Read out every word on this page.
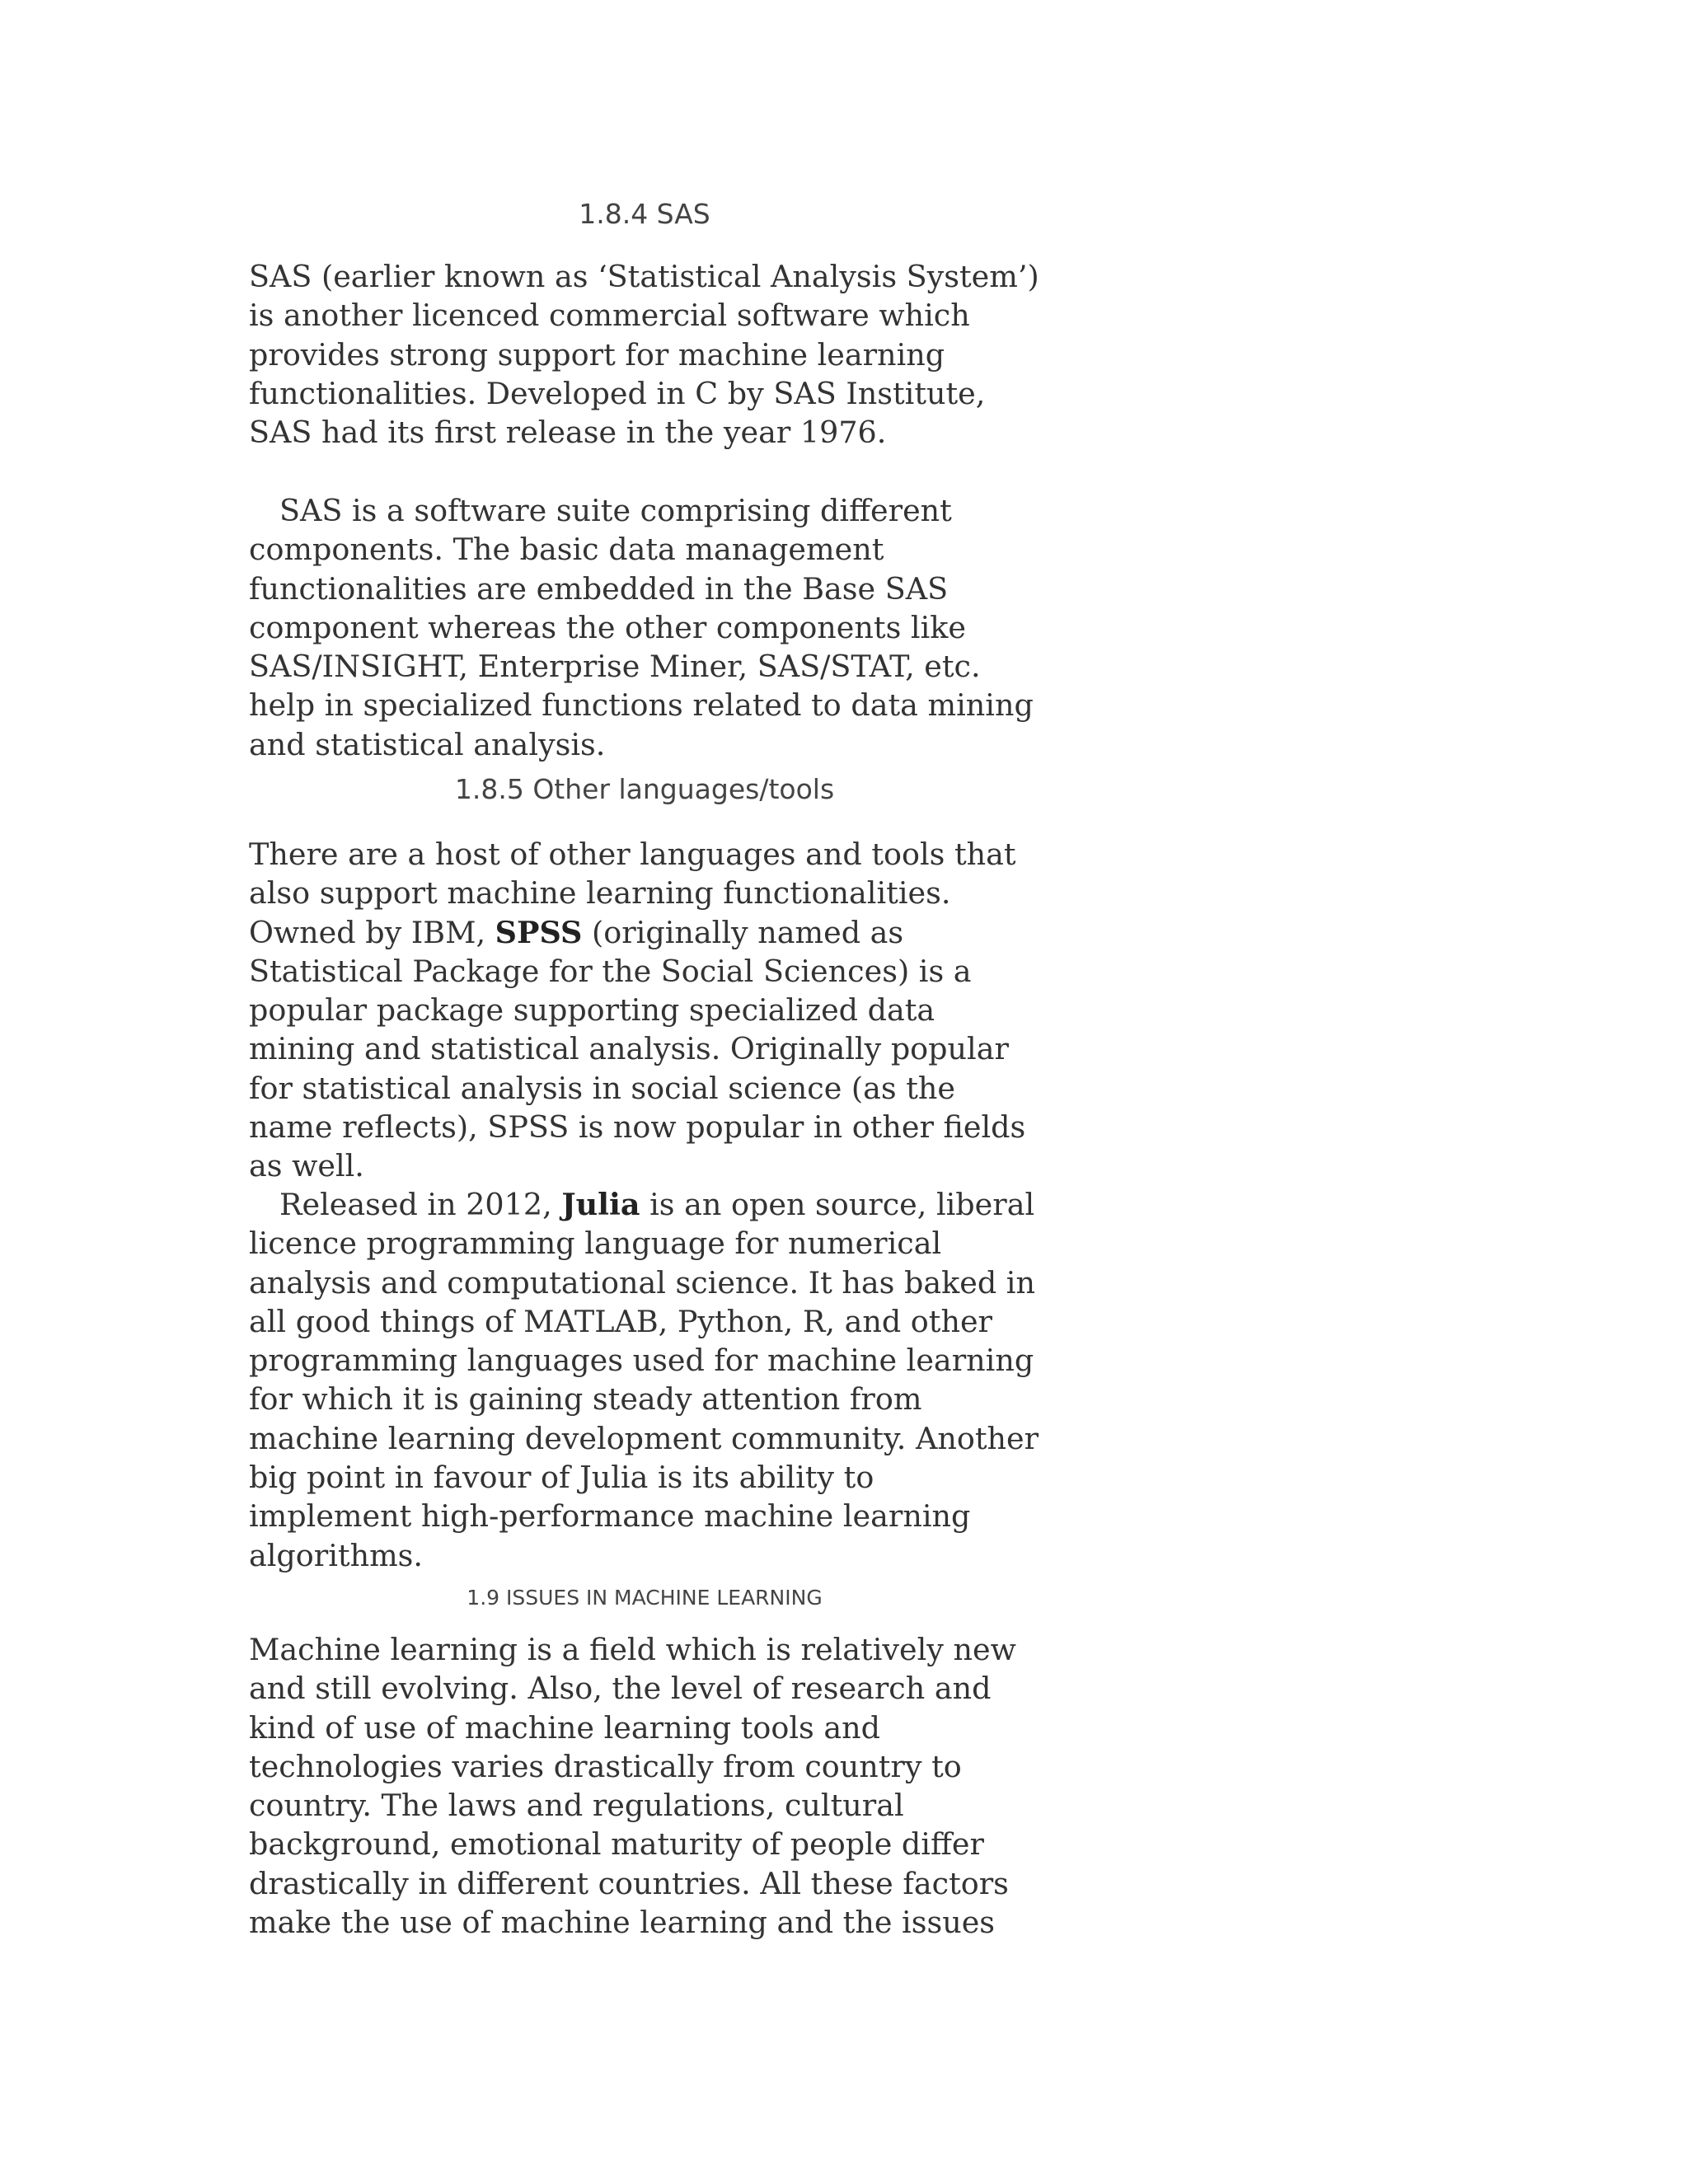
1.8.4 SAS

SAS (earlier known as ‘Statistical Analysis System’) is another licenced commercial software which provides strong support for machine learning functionalities. Developed in C by SAS Institute, SAS had its first release in the year 1976.

SAS is a software suite comprising different components. The basic data management functionalities are embedded in the Base SAS component whereas the other components like SAS/INSIGHT, Enterprise Miner, SAS/STAT, etc. help in specialized functions related to data mining and statistical analysis.

1.8.5 Other languages/tools

There are a host of other languages and tools that also support machine learning functionalities. Owned by IBM, SPSS (originally named as Statistical Package for the Social Sciences) is a popular package supporting specialized data mining and statistical analysis. Originally popular for statistical analysis in social science (as the name reflects), SPSS is now popular in other fields as well.

Released in 2012, Julia is an open source, liberal licence programming language for numerical analysis and computational science. It has baked in all good things of MATLAB, Python, R, and other programming languages used for machine learning for which it is gaining steady attention from machine learning development community. Another big point in favour of Julia is its ability to implement high-performance machine learning algorithms.

1.9 ISSUES IN MACHINE LEARNING

Machine learning is a field which is relatively new and still evolving. Also, the level of research and kind of use of machine learning tools and technologies varies drastically from country to country. The laws and regulations, cultural background, emotional maturity of people differ drastically in different countries. All these factors make the use of machine learning and the issues
